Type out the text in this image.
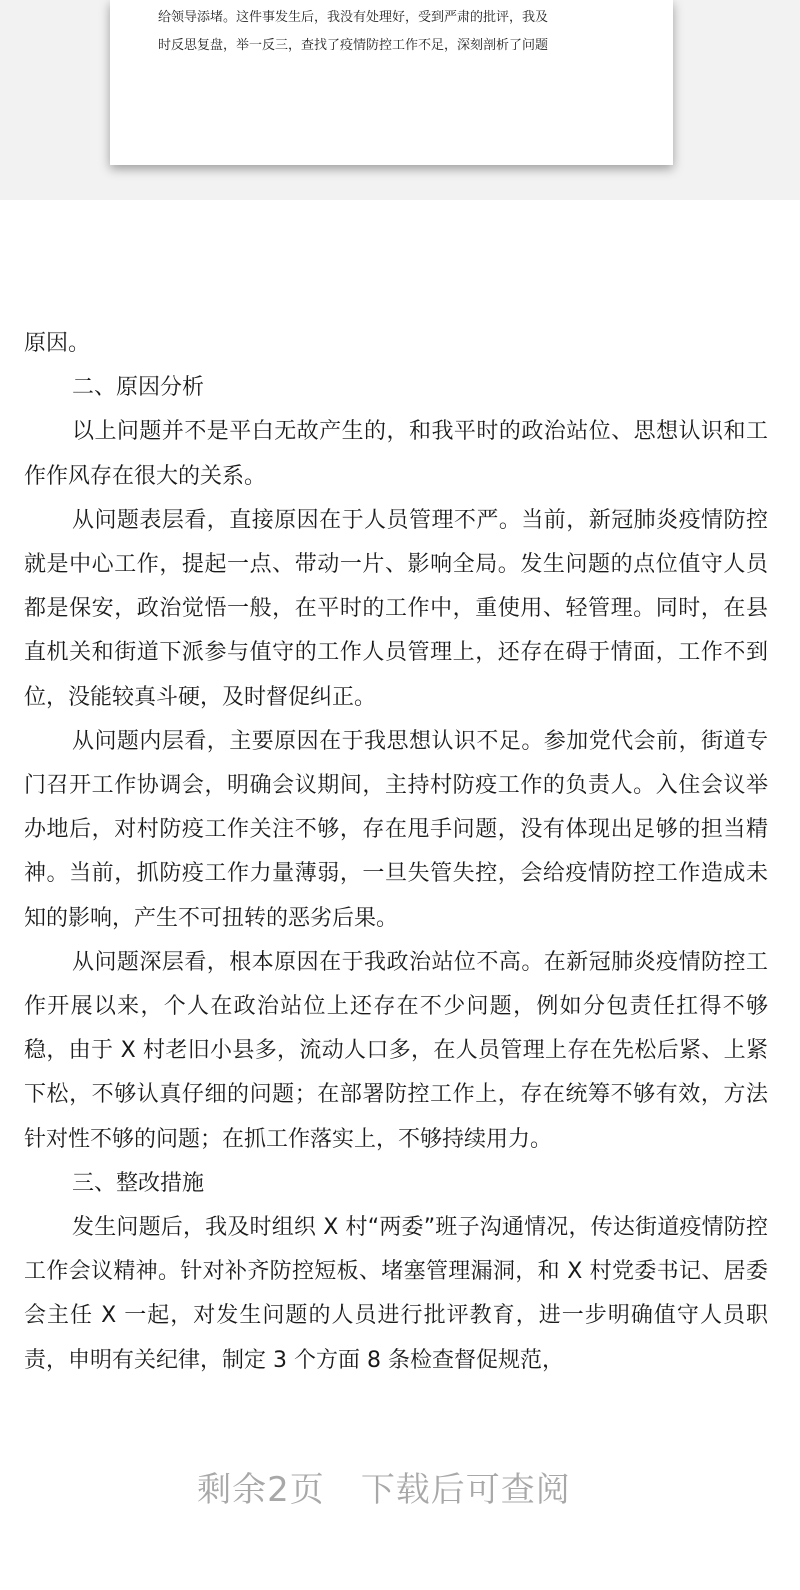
给领导添堵。这件事发生后，我没有处理好，受到严肃的批评，我及
时反思复盘，举一反三，查找了疫情防控工作不足，深刻剖析了问题

原因。

二、原因分析

以上问题并不是平白无故产生的，和我平时的政治站位、思想认识和工作作风存在很大的关系。

从问题表层看，直接原因在于人员管理不严。当前，新冠肺炎疫情防控就是中心工作，提起一点、带动一片、影响全局。发生问题的点位值守人员都是保安，政治觉悟一般，在平时的工作中，重使用、轻管理。同时，在县直机关和街道下派参与值守的工作人员管理上，还存在碍于情面，工作不到位，没能较真斗硬，及时督促纠正。

从问题内层看，主要原因在于我思想认识不足。参加党代会前，街道专门召开工作协调会，明确会议期间，主持村防疫工作的负责人。入住会议举办地后，对村防疫工作关注不够，存在甩手问题，没有体现出足够的担当精神。当前，抓防疫工作力量薄弱，一旦失管失控，会给疫情防控工作造成未知的影响，产生不可扭转的恶劣后果。

从问题深层看，根本原因在于我政治站位不高。在新冠肺炎疫情防控工作开展以来，个人在政治站位上还存在不少问题，例如分包责任扛得不够稳，由于 X 村老旧小县多，流动人口多，在人员管理上存在先松后紧、上紧下松，不够认真仔细的问题；在部署防控工作上，存在统筹不够有效，方法针对性不够的问题；在抓工作落实上，不够持续用力。

三、整改措施

发生问题后，我及时组织 X 村“两委”班子沟通情况，传达街道疫情防控工作会议精神。针对补齐防控短板、堵塞管理漏洞，和 X 村党委书记、居委会主任 X 一起，对发生问题的人员进行批评教育，进一步明确值守人员职责，申明有关纪律，制定 3 个方面 8 条检查督促规范，

剩余2页 下载后可查阅
